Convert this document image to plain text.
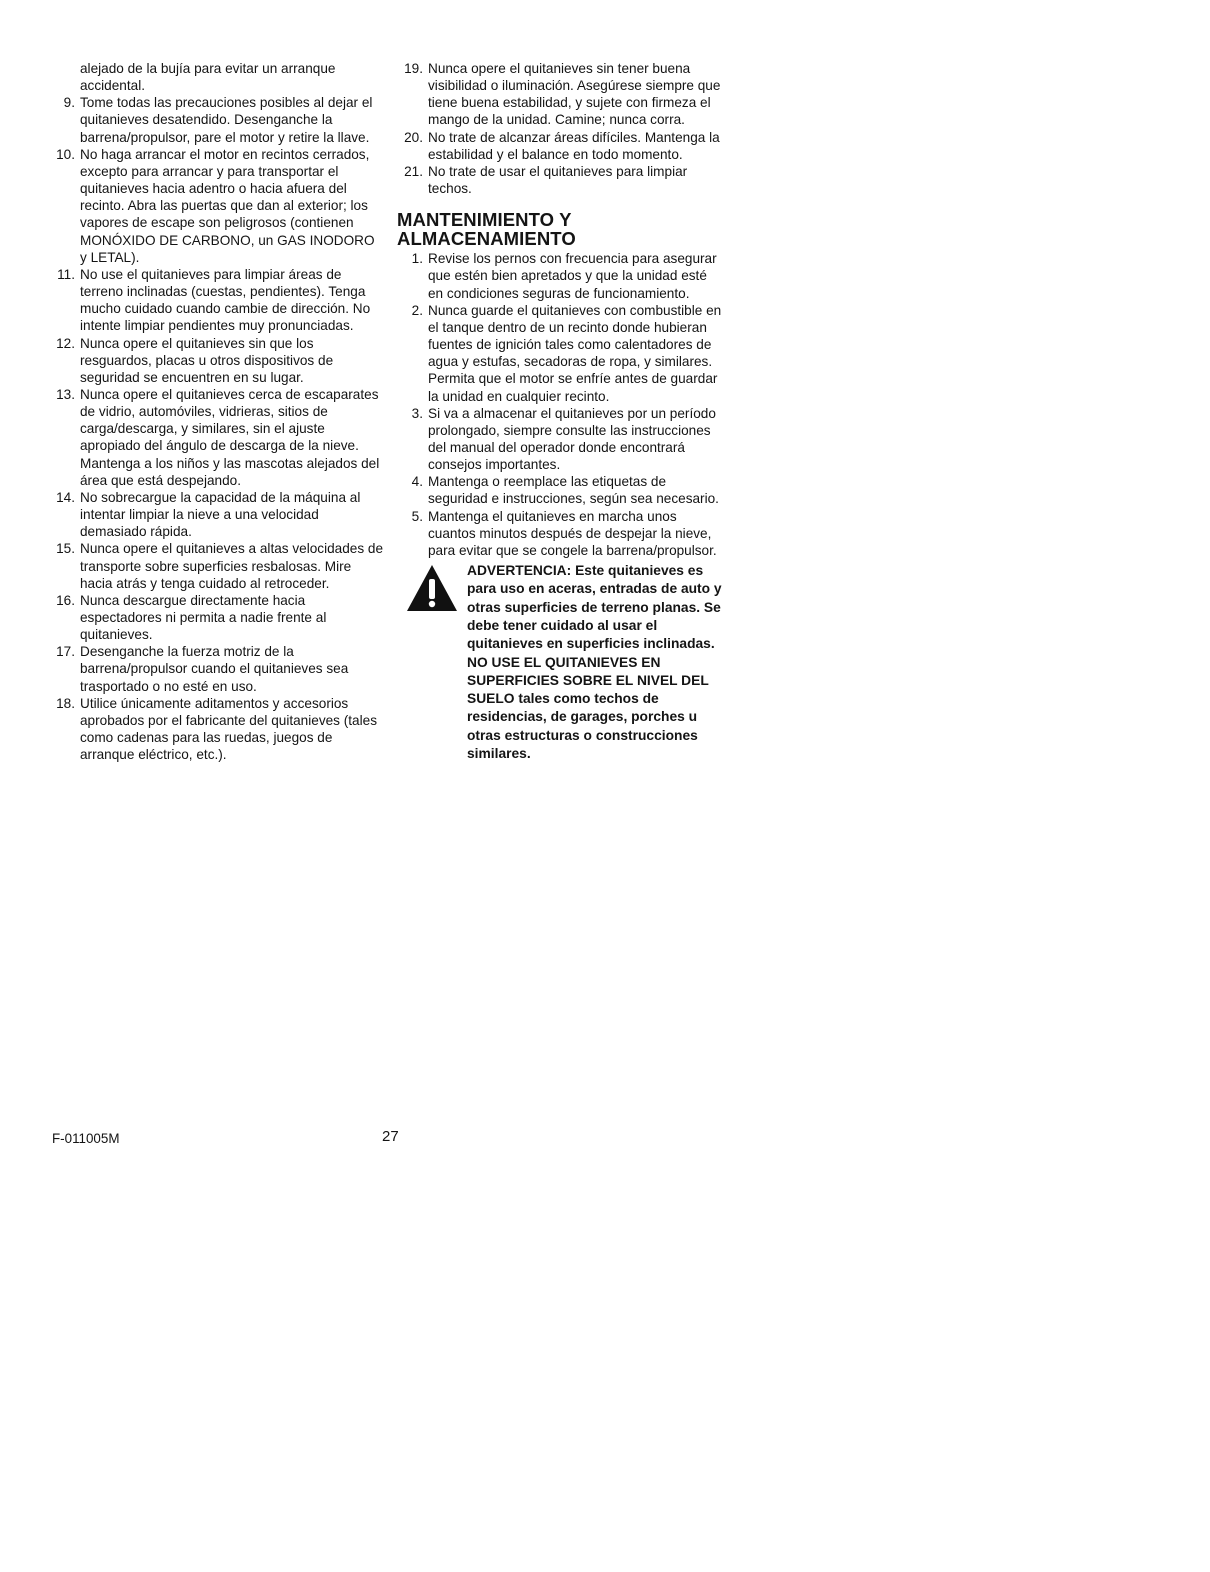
alejado de la bujía para evitar un arranque accidental.

9. Tome todas las precauciones posibles al dejar el quitanieves desatendido. Desenganche la barrena/propulsor, pare el motor y retire la llave.

10. No haga arrancar el motor en recintos cerrados, excepto para arrancar y para transportar el quitanieves hacia adentro o hacia afuera del recinto. Abra las puertas que dan al exterior; los vapores de escape son peligrosos (contienen MONÓXIDO DE CARBONO, un GAS INODORO y LETAL).

11. No use el quitanieves para limpiar áreas de terreno inclinadas (cuestas, pendientes). Tenga mucho cuidado cuando cambie de dirección. No intente limpiar pendientes muy pronunciadas.

12. Nunca opere el quitanieves sin que los resguardos, placas u otros dispositivos de seguridad se encuentren en su lugar.

13. Nunca opere el quitanieves cerca de escaparates de vidrio, automóviles, vidrieras, sitios de carga/descarga, y similares, sin el ajuste apropiado del ángulo de descarga de la nieve. Mantenga a los niños y las mascotas alejados del área que está despejando.

14. No sobrecargue la capacidad de la máquina al intentar limpiar la nieve a una velocidad demasiado rápida.

15. Nunca opere el quitanieves a altas velocidades de transporte sobre superficies resbalosas. Mire hacia atrás y tenga cuidado al retroceder.

16. Nunca descargue directamente hacia espectadores ni permita a nadie frente al quitanieves.

17. Desenganche la fuerza motriz de la barrena/propulsor cuando el quitanieves sea trasportado o no esté en uso.

18. Utilice únicamente aditamentos y accesorios aprobados por el fabricante del quitanieves (tales como cadenas para las ruedas, juegos de arranque eléctrico, etc.).

19. Nunca opere el quitanieves sin tener buena visibilidad o iluminación. Asegúrese siempre que tiene buena estabilidad, y sujete con firmeza el mango de la unidad. Camine; nunca corra.

20. No trate de alcanzar áreas difíciles. Mantenga la estabilidad y el balance en todo momento.

21. No trate de usar el quitanieves para limpiar techos.

MANTENIMIENTO Y ALMACENAMIENTO

1. Revise los pernos con frecuencia para asegurar que estén bien apretados y que la unidad esté en condiciones seguras de funcionamiento.

2. Nunca guarde el quitanieves con combustible en el tanque dentro de un recinto donde hubieran fuentes de ignición tales como calentadores de agua y estufas, secadoras de ropa, y similares. Permita que el motor se enfríe antes de guardar la unidad en cualquier recinto.

3. Si va a almacenar el quitanieves por un período prolongado, siempre consulte las instrucciones del manual del operador donde encontrará consejos importantes.

4. Mantenga o reemplace las etiquetas de seguridad e instrucciones, según sea necesario.

5. Mantenga el quitanieves en marcha unos cuantos minutos después de despejar la nieve, para evitar que se congele la barrena/propulsor.

ADVERTENCIA: Este quitanieves es para uso en aceras, entradas de auto y otras superficies de terreno planas. Se debe tener cuidado al usar el quitanieves en superficies inclinadas. NO USE EL QUITANIEVES EN SUPERFICIES SOBRE EL NIVEL DEL SUELO tales como techos de residencias, de garages, porches u otras estructuras o construcciones similares.

F-011005M	27
